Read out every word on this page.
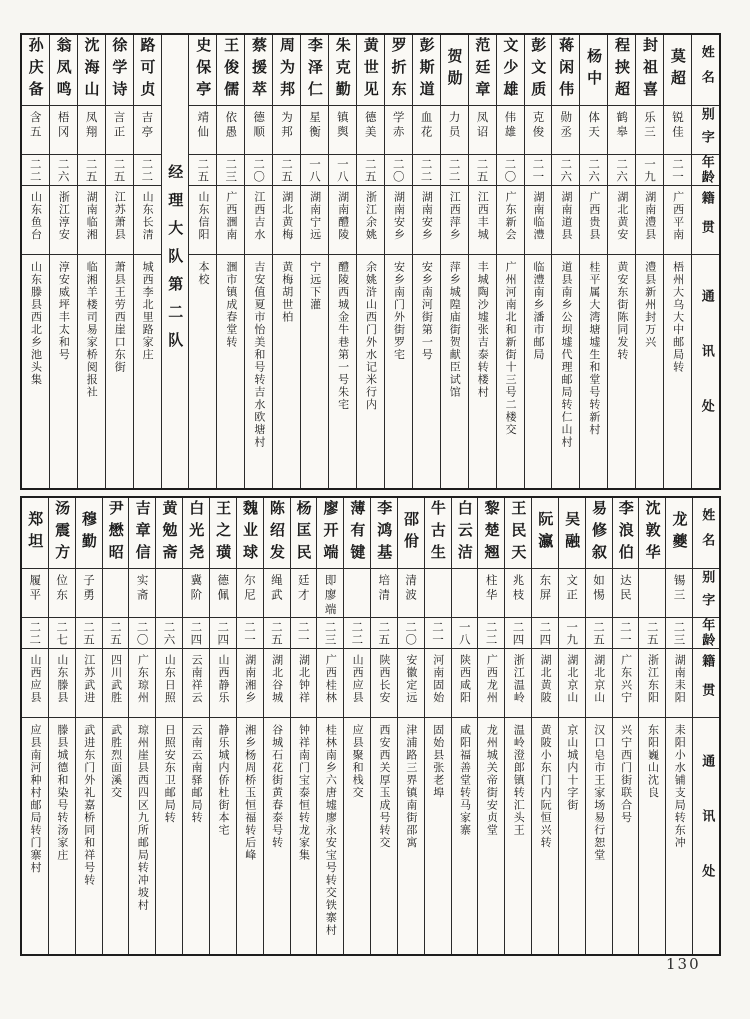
姓名
别字
年龄
籍贯
通讯处
莫超
锐佳
二一
广西平南
梧州大乌大中邮局转
封祖喜
乐三
一九
湖南澧县
澧县新州封万兴
程挟超
鹤皋
二六
湖北黄安
黄安东街陈同发转
杨中
体天
二六
广西贵县
桂平属大湾塘墟生和堂号转新村
蒋闲伟
勋丞
二六
湖南道县
道县南乡公坝墟代理邮局转仁山村
彭文质
克俊
二一
湖南临澧
临澧南乡潘市邮局
文少雄
伟雄
二〇
广东新会
广州河南北和新街十三号二楼交
范廷章
凤诏
二五
江西丰城
丰城陶沙墟张吉泰转楼村
贺勋
力员
二二
江西萍乡
萍乡城隍庙街贺献臣试馆
彭斯道
血花
二二
湖南安乡
安乡南河街第一号
罗折东
学赤
二〇
湖南安乡
安乡南门外街罗宅
黄世见
德美
二五
浙江余姚
余姚浒山西门外水记米行内
朱克勤
镇舆
一八
湖南醴陵
醴陵西城金牛巷第一号朱宅
李泽仁
星衡
一八
湖南宁远
宁远下灌
周为邦
为邦
二五
湖北黄梅
黄梅胡世柏
蔡援萃
德顺
二〇
江西吉水
吉安值夏市怡美和号转吉水欧塘村
王俊儒
依愚
二三
广西涠南
涠市镇成春堂转
史保亭
靖仙
二五
山东信阳
本校
经理大队第二队
路可贞
吉亭
二二
山东长清
城西李北里路家庄
徐学诗
言正
二五
江苏萧县
萧县王劳西崖口东街
沈海山
凤翔
二五
湖南临湘
临湘羊楼司易家桥阅报社
翁凤鸣
梧冈
二六
浙江淳安
淳安威坪丰太和号
孙庆备
含五
二二
山东鱼台
山东滕县西北乡池头集
姓名
别字
年龄
籍贯
通讯处
龙夔
锡三
二三
湖南耒阳
耒阳小水铺支局转东冲
沈敦华
二五
浙江东阳
东阳巍山沈良
李浪伯
达民
二一
广东兴宁
兴宁西门街联合号
易修叙
如惕
二五
湖北京山
汉口皂市王家场易行恕堂
吴融
文正
一九
湖北京山
京山城内十字街
阮瀛
东屏
二四
湖北黄陂
黄陂小东门内阮恒兴转
王民天
兆枝
二四
浙江温岭
温岭澄郎镇转汇头王
黎楚翘
柱华
二二
广西龙州
龙州城关帝街安贞堂
白云洁
一八
陕西咸阳
咸阳福善堂转马家寨
牛古生
二一
河南固始
固始县张老埠
邵佾
清波
二〇
安徽定远
津浦路三界镇南街邵寓
李鸿基
培清
二五
陕西长安
西安西关厚玉成号转交
薄有键
二二
山西应县
应县聚和栈交
廖开端
即廖端
二三
广西桂林
桂林南乡六唐墟廖永安宝号转交铁寨村
杨匡民
廷才
二一
湖北钟祥
钟祥南门宝泰恒转龙家集
陈绍发
绳武
二五
湖北谷城
谷城石花街黄春泰号转
魏业球
尔尼
二一
湖南湘乡
湘乡杨周桥玉恒福转后峰
王之璜
德佩
二四
山西静乐
静乐城内侨杜街本宅
白光尧
冀阶
二四
云南祥云
云南云南驿邮局转
黄勉斋
二六
山东日照
日照安东卫邮局转
吉章信
实斋
二〇
广东琼州
琼州崖县西四区九所邮局转冲坡村
尹懋昭
二五
四川武胜
武胜烈面溪交
穆勤
子勇
二五
江苏武进
武进东门外礼嘉桥同和祥号转
汤震方
位东
二七
山东滕县
滕县城德和染号转汤家庄
郑坦
履平
二二
山西应县
应县南河种村邮局转门寨村
130
